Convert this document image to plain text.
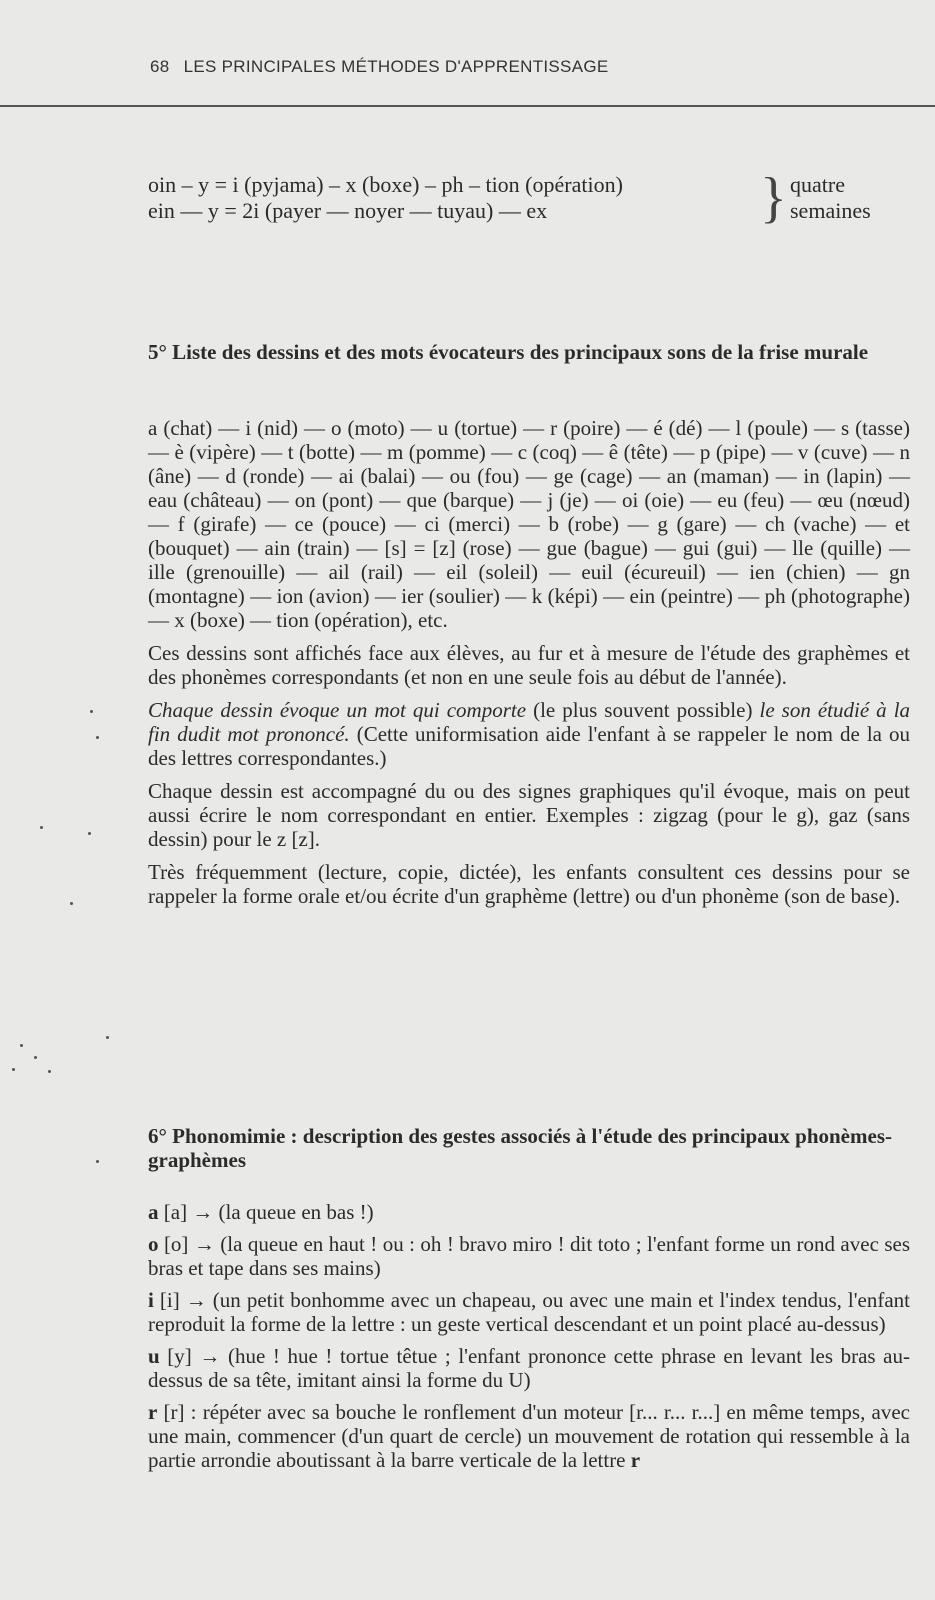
68 LES PRINCIPALES MÉTHODES D'APPRENTISSAGE
oin – y = i (pyjama) – x (boxe) – ph – tion (opération)
ein — y = 2i (payer — noyer — tuyau) — ex	} quatre
semaines
5° Liste des dessins et des mots évocateurs des principaux sons de la frise murale

a (chat) — i (nid) — o (moto) — u (tortue) — r (poire) — é (dé) — l (poule) — s (tasse) — è (vipère) — t (botte) — m (pomme) — c (coq) — ê (tête) — p (pipe) — v (cuve) — n (âne) — d (ronde) — ai (balai) — ou (fou) — ge (cage) — an (maman) — in (lapin) — eau (château) — on (pont) — que (barque) — j (je) — oi (oie) — eu (feu) — œu (nœud) — f (girafe) — ce (pouce) — ci (merci) — b (robe) — g (gare) — ch (vache) — et (bouquet) — ain (train) — [s] = [z] (rose) — gue (bague) — gui (gui) — lle (quille) — ille (grenouille) — ail (rail) — eil (soleil) — euil (écureuil) — ien (chien) — gn (montagne) — ion (avion) — ier (soulier) — k (képi) — ein (peintre) — ph (photographe) — x (boxe) — tion (opération), etc.

Ces dessins sont affichés face aux élèves, au fur et à mesure de l'étude des graphèmes et des phonèmes correspondants (et non en une seule fois au début de l'année).

Chaque dessin évoque un mot qui comporte (le plus souvent possible) le son étudié à la fin dudit mot prononcé. (Cette uniformisation aide l'enfant à se rappeler le nom de la ou des lettres correspondantes.)

Chaque dessin est accompagné du ou des signes graphiques qu'il évoque, mais on peut aussi écrire le nom correspondant en entier. Exemples : zigzag (pour le g), gaz (sans dessin) pour le z [z].

Très fréquemment (lecture, copie, dictée), les enfants consultent ces dessins pour se rappeler la forme orale et/ou écrite d'un graphème (lettre) ou d'un phonème (son de base).

6° Phonomimie : description des gestes associés à l'étude des principaux phonèmes-graphèmes

a [a] → (la queue en bas !)

o [o] → (la queue en haut ! ou : oh ! bravo miro ! dit toto ; l'enfant forme un rond avec ses bras et tape dans ses mains)

i [i] → (un petit bonhomme avec un chapeau, ou avec une main et l'index tendus, l'enfant reproduit la forme de la lettre : un geste vertical descendant et un point placé au-dessus)

u [y] → (hue ! hue ! tortue têtue ; l'enfant prononce cette phrase en levant les bras au-dessus de sa tête, imitant ainsi la forme du U)

r [r] : répéter avec sa bouche le ronflement d'un moteur [r... r... r...] en même temps, avec une main, commencer (d'un quart de cercle) un mouvement de rotation qui ressemble à la partie arrondie aboutissant à la barre verticale de la lettre r
